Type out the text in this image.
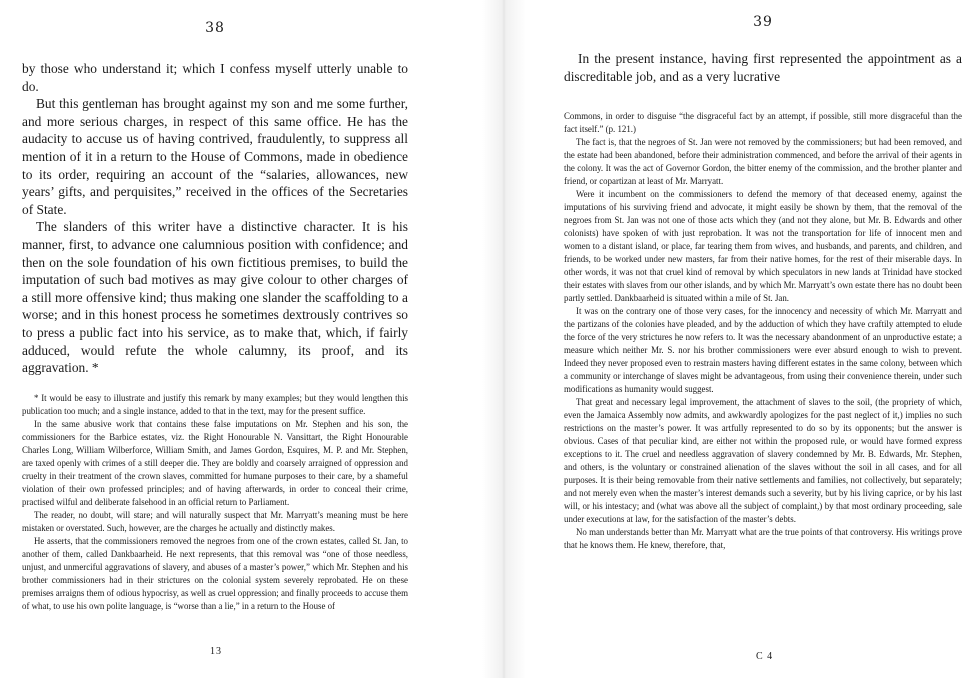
38

by those who understand it; which I confess myself utterly unable to do.

But this gentleman has brought against my son and me some further, and more serious charges, in respect of this same office. He has the audacity to accuse us of having contrived, fraudulently, to suppress all mention of it in a return to the House of Commons, made in obedience to its order, requiring an account of the “salaries, allowances, new years’ gifts, and perquisites,” received in the offices of the Secretaries of State.

The slanders of this writer have a distinctive character. It is his manner, first, to advance one calumnious position with confidence; and then on the sole foundation of his own fictitious premises, to build the imputation of such bad motives as may give colour to other charges of a still more offensive kind; thus making one slander the scaffolding to a worse; and in this honest process he sometimes dextrously contrives so to press a public fact into his service, as to make that, which, if fairly adduced, would refute the whole calumny, its proof, and its aggravation. *

* It would be easy to illustrate and justify this remark by many examples; but they would lengthen this publication too much; and a single instance, added to that in the text, may for the present suffice.

In the same abusive work that contains these false imputations on Mr. Stephen and his son, the commissioners for the Barbice estates, viz. the Right Honourable N. Vansittart, the Right Honourable Charles Long, William Wilberforce, William Smith, and James Gordon, Esquires, M. P. and Mr. Stephen, are taxed openly with crimes of a still deeper die. They are boldly and coarsely arraigned of oppression and cruelty in their treatment of the crown slaves, committed for humane purposes to their care, by a shameful violation of their own professed principles; and of having afterwards, in order to conceal their crime, practised wilful and deliberate falsehood in an official return to Parliament.

The reader, no doubt, will stare; and will naturally suspect that Mr. Marryatt’s meaning must be here mistaken or overstated. Such, however, are the charges he actually and distinctly makes.

He asserts, that the commissioners removed the negroes from one of the crown estates, called St. Jan, to another of them, called Dankbaarheid. He next represents, that this removal was “one of those needless, unjust, and unmerciful aggravations of slavery, and abuses of a master’s power,” which Mr. Stephen and his brother commissioners had in their strictures on the colonial system severely reprobated. He on these premises arraigns them of odious hypocrisy, as well as cruel oppression; and finally proceeds to accuse them of what, to use his own polite language, is “worse than a lie,” in a return to the House of

13
39

In the present instance, having first represented the appointment as a discreditable job, and as a very lucrative

Commons, in order to disguise “the disgraceful fact by an attempt, if possible, still more disgraceful than the fact itself.” (p. 121.)

The fact is, that the negroes of St. Jan were not removed by the commissioners; but had been removed, and the estate had been abandoned, before their administration commenced, and before the arrival of their agents in the colony. It was the act of Governor Gordon, the bitter enemy of the commission, and the brother planter and friend, or copartizan at least of Mr. Marryatt.

Were it incumbent on the commissioners to defend the memory of that deceased enemy, against the imputations of his surviving friend and advocate, it might easily be shown by them, that the removal of the negroes from St. Jan was not one of those acts which they (and not they alone, but Mr. B. Edwards and other colonists) have spoken of with just reprobation. It was not the transportation for life of innocent men and women to a distant island, or place, far tearing them from wives, and husbands, and parents, and children, and friends, to be worked under new masters, far from their native homes, for the rest of their miserable days. In other words, it was not that cruel kind of removal by which speculators in new lands at Trinidad have stocked their estates with slaves from our other islands, and by which Mr. Marryatt’s own estate there has no doubt been partly settled. Dankbaarheid is situated within a mile of St. Jan.

It was on the contrary one of those very cases, for the innocency and necessity of which Mr. Marryatt and the partizans of the colonies have pleaded, and by the adduction of which they have craftily attempted to elude the force of the very strictures he now refers to. It was the necessary abandonment of an unproductive estate; a measure which neither Mr. S. nor his brother commissioners were ever absurd enough to wish to prevent. Indeed they never proposed even to restrain masters having different estates in the same colony, between which a community or interchange of slaves might be advantageous, from using their convenience therein, under such modifications as humanity would suggest.

That great and necessary legal improvement, the attachment of slaves to the soil, (the propriety of which, even the Jamaica Assembly now admits, and awkwardly apologizes for the past neglect of it,) implies no such restrictions on the master’s power. It was artfully represented to do so by its opponents; but the answer is obvious. Cases of that peculiar kind, are either not within the proposed rule, or would have formed express exceptions to it. The cruel and needless aggravation of slavery condemned by Mr. B. Edwards, Mr. Stephen, and others, is the voluntary or constrained alienation of the slaves without the soil in all cases, and for all purposes. It is their being removable from their native settlements and families, not collectively, but separately; and not merely even when the master’s interest demands such a severity, but by his living caprice, or by his last will, or his intestacy; and (what was above all the subject of complaint,) by that most ordinary proceeding, sale under executions at law, for the satisfaction of the master’s debts.

No man understands better than Mr. Marryatt what are the true points of that controversy. His writings prove that he knows them. He knew, therefore, that,

C 4
